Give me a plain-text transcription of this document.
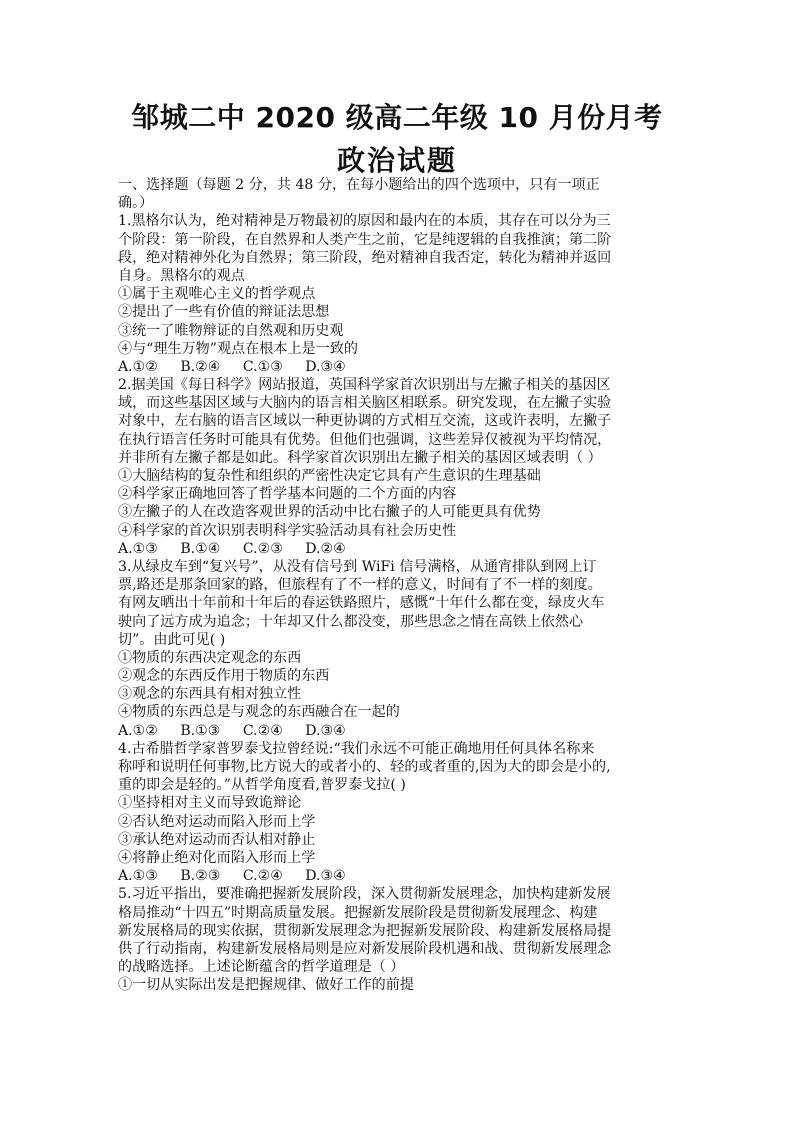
邹城二中 2020 级高二年级 10 月份月考
政治试题
一、选择题（每题 2 分，共 48 分，在每小题给出的四个选项中，只有一项正
确。）
1.黑格尔认为，绝对精神是万物最初的原因和最内在的本质，其存在可以分为三
个阶段：第一阶段，在自然界和人类产生之前，它是纯逻辑的自我推演；第二阶
段，绝对精神外化为自然界；第三阶段，绝对精神自我否定，转化为精神并返回
自身。黑格尔的观点
①属于主观唯心主义的哲学观点
②提出了一些有价值的辩证法思想
③统一了唯物辩证的自然观和历史观
④与“理生万物”观点在根本上是一致的
A.①②     B.②④     C.①③     D.③④
2.据美国《每日科学》网站报道，英国科学家首次识别出与左撇子相关的基因区
域，而这些基因区域与大脑内的语言相关脑区相联系。研究发现，在左撇子实验
对象中，左右脑的语言区域以一种更协调的方式相互交流，这或许表明，左撇子
在执行语言任务时可能具有优势。但他们也强调，这些差异仅被视为平均情况，
并非所有左撇子都是如此。科学家首次识别出左撇子相关的基因区域表明（ ）
①大脑结构的复杂性和组织的严密性决定它具有产生意识的生理基础
②科学家正确地回答了哲学基本问题的二个方面的内容
③左撇子的人在改造客观世界的活动中比右撇子的人可能更具有优势
④科学家的首次识别表明科学实验活动具有社会历史性
A.①③     B.①④     C.②③     D.②④
3.从绿皮车到“复兴号”，从没有信号到 WiFi 信号满格，从通宵排队到网上订
票,路还是那条回家的路，但旅程有了不一样的意义，时间有了不一样的刻度。
有网友晒出十年前和十年后的春运铁路照片，感慨“十年什么都在变，绿皮火车
驶向了远方成为追念；十年却又什么都没变，那些思念之情在高铁上依然心
切”。由此可见( )
①物质的东西决定观念的东西
②观念的东西反作用于物质的东西
③观念的东西具有相对独立性
④物质的东西总是与观念的东西融合在一起的
A.①②     B.①③     C.②④     D.③④
4.古希腊哲学家普罗泰戈拉曾经说:“我们永远不可能正确地用任何具体名称来
称呼和说明任何事物,比方说大的或者小的、轻的或者重的,因为大的即会是小的,
重的即会是轻的。”从哲学角度看,普罗泰戈拉( )
①坚持相对主义而导致诡辩论
②否认绝对运动而陷入形而上学
③承认绝对运动而否认相对静止
④将静止绝对化而陷入形而上学
A.①③     B.②③     C.②④     D.③④
5.习近平指出，要准确把握新发展阶段，深入贯彻新发展理念，加快构建新发展
格局推动“十四五”时期高质量发展。把握新发展阶段是贯彻新发展理念、构建
新发展格局的现实依据，贯彻新发展理念为把握新发展阶段、构建新发展格局提
供了行动指南，构建新发展格局则是应对新发展阶段机遇和战、贯彻新发展理念
的战略选择。上述论断蕴含的哲学道理是（ ）
①一切从实际出发是把握规律、做好工作的前提
